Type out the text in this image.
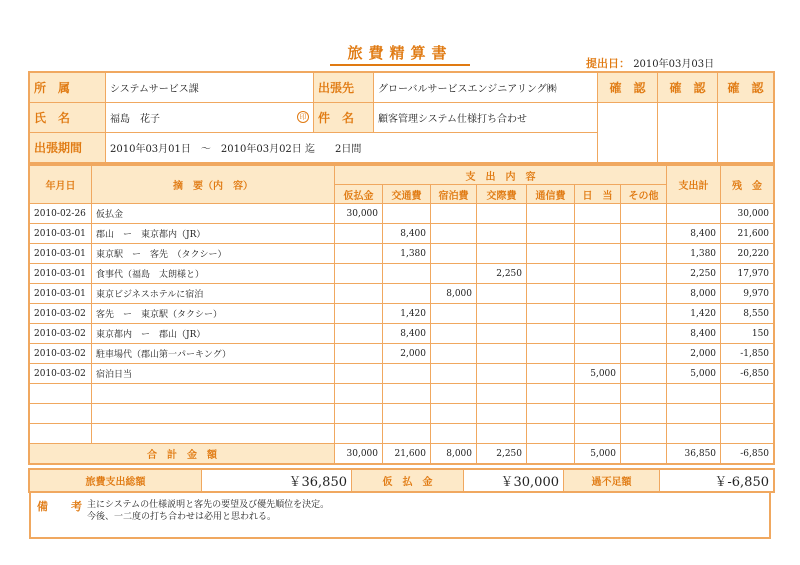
旅費精算書
提出日： 2010年03月03日
所　属	システムサービス課	出張先	グローバルサービスエンジニアリング㈱	確　認	確　認	確　認
氏　名	福島　花子 印	件　名	顧客管理システム仕様打ち合わせ			
出張期間	2010年03月01日　～　2010年03月02日 迄　　2日間					
年月日	摘　要（内　容）	支　出　内　容							支出計	残　金
		仮払金	交通費	宿泊費	交際費	通信費	日　当	その他		
2010-02-26	仮払金	30,000								30,000
2010-03-01	郡山　ー　東京都内（JR）		8,400						8,400	21,600
2010-03-01	東京駅　ー　客先　（タクシー）		1,380						1,380	20,220
2010-03-01	食事代（福島　太朗様と）				2,250				2,250	17,970
2010-03-01	東京ビジネスホテルに宿泊			8,000					8,000	9,970
2010-03-02	客先　ー　東京駅（タクシー）		1,420						1,420	8,550
2010-03-02	東京都内　ー　郡山（JR）		8,400						8,400	150
2010-03-02	駐車場代（郡山第一パーキング）		2,000						2,000	-1,850
2010-03-02	宿泊日当						5,000		5,000	-6,850

合　計　金　額		30,000	21,600	8,000	2,250		5,000		36,850	-6,850
旅費支出総額	￥36,850	仮　払　金	￥30,000	過不足額	￥-6,850
備　考 主にシステムの仕様説明と客先の要望及び優先順位を決定。
今後、一二度の打ち合わせは必用と思われる。
